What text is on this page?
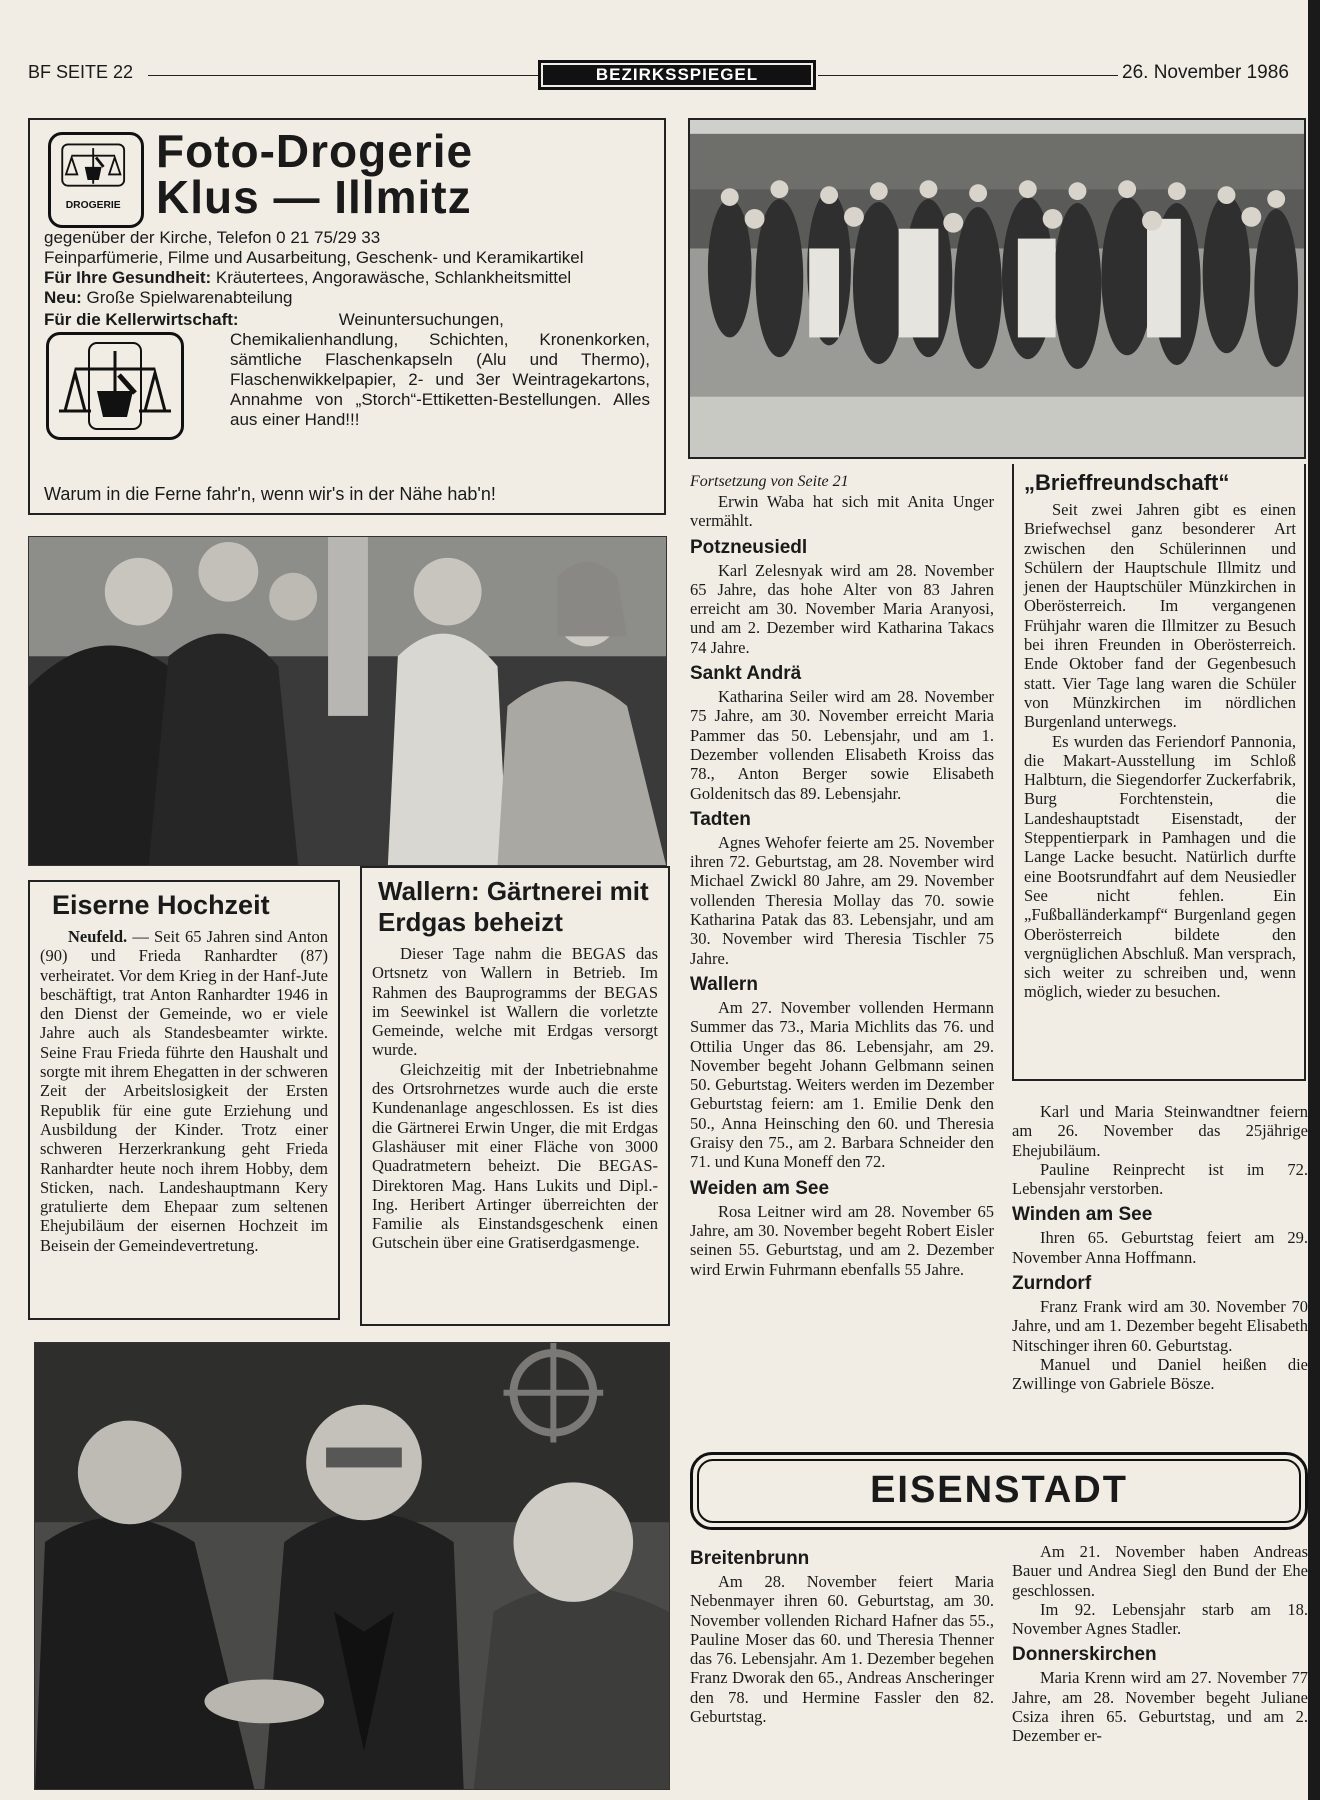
BF SEITE 22	BEZIRKSSPIEGEL	26. November 1986
DROGERIE
Foto-Drogerie
Klus — Illmitz

gegenüber der Kirche, Telefon 0 21 75/29 33

Feinparfümerie, Filme und Ausarbeitung, Geschenk- und Keramikartikel

Für Ihre Gesundheit: Kräutertees, Angorawäsche, Schlankheitsmittel

Neu: Große Spielwarenabteilung

Für die Kellerwirtschaft:	Weinuntersuchungen, Chemikalienhandlung, Schichten, Kronenkorken, sämtliche Flaschenkapseln (Alu und Thermo), Flaschenwikkelpapier, 2- und 3er Weintragekartons, Annahme von „Storch“-Ettiketten-Bestellungen. Alles aus einer Hand!!!
Warum in die Ferne fahr'n, wenn wir's in der Nähe hab'n!
Eiserne Hochzeit

Neufeld. — Seit 65 Jahren sind Anton (90) und Frieda Ranhardter (87) verheiratet. Vor dem Krieg in der Hanf-Jute beschäftigt, trat Anton Ranhardter 1946 in den Dienst der Gemeinde, wo er viele Jahre auch als Standesbeamter wirkte. Seine Frau Frieda führte den Haushalt und sorgte mit ihrem Ehegatten in der schweren Zeit der Arbeitslosigkeit der Ersten Republik für eine gute Erziehung und Ausbildung der Kinder. Trotz einer schweren Herzerkrankung geht Frieda Ranhardter heute noch ihrem Hobby, dem Sticken, nach. Landeshauptmann Kery gratulierte dem Ehepaar zum seltenen Ehejubiläum der eisernen Hochzeit im Beisein der Gemeindevertretung.

Wallern: Gärtnerei mit Erdgas beheizt

Dieser Tage nahm die BEGAS das Ortsnetz von Wallern in Betrieb. Im Rahmen des Bauprogramms der BEGAS im Seewinkel ist Wallern die vorletzte Gemeinde, welche mit Erdgas versorgt wurde.

Gleichzeitig mit der Inbetriebnahme des Ortsrohrnetzes wurde auch die erste Kundenanlage angeschlossen. Es ist dies die Gärtnerei Erwin Unger, die mit Erdgas Glashäuser mit einer Fläche von 3000 Quadratmetern beheizt. Die BEGAS-Direktoren Mag. Hans Lukits und Dipl.-Ing. Heribert Artinger überreichten der Familie als Einstandsgeschenk einen Gutschein über eine Gratiserdgasmenge.

Fortsetzung von Seite 21

Erwin Waba hat sich mit Anita Unger vermählt.

Potzneusiedl

Karl Zelesnyak wird am 28. November 65 Jahre, das hohe Alter von 83 Jahren erreicht am 30. November Maria Aranyosi, und am 2. Dezember wird Katharina Takacs 74 Jahre.

Sankt Andrä

Katharina Seiler wird am 28. November 75 Jahre, am 30. November erreicht Maria Pammer das 50. Lebensjahr, und am 1. Dezember vollenden Elisabeth Kroiss das 78., Anton Berger sowie Elisabeth Goldenitsch das 89. Lebensjahr.

Tadten

Agnes Wehofer feierte am 25. November ihren 72. Geburtstag, am 28. November wird Michael Zwickl 80 Jahre, am 29. November vollenden Theresia Mollay das 70. sowie Katharina Patak das 83. Lebensjahr, und am 30. November wird Theresia Tischler 75 Jahre.

Wallern

Am 27. November vollenden Hermann Summer das 73., Maria Michlits das 76. und Ottilia Unger das 86. Lebensjahr, am 29. November begeht Johann Gelbmann seinen 50. Geburtstag. Weiters werden im Dezember Geburtstag feiern: am 1. Emilie Denk den 50., Anna Heinsching den 60. und Theresia Graisy den 75., am 2. Barbara Schneider den 71. und Kuna Moneff den 72.

Weiden am See

Rosa Leitner wird am 28. November 65 Jahre, am 30. November begeht Robert Eisler seinen 55. Geburtstag, und am 2. Dezember wird Erwin Fuhrmann ebenfalls 55 Jahre.

„Brieffreundschaft“

Seit zwei Jahren gibt es einen Briefwechsel ganz besonderer Art zwischen den Schülerinnen und Schülern der Hauptschule Illmitz und jenen der Hauptschüler Münzkirchen in Oberösterreich. Im vergangenen Frühjahr waren die Illmitzer zu Besuch bei ihren Freunden in Oberösterreich. Ende Oktober fand der Gegenbesuch statt. Vier Tage lang waren die Schüler von Münzkirchen im nördlichen Burgenland unterwegs.

Es wurden das Feriendorf Pannonia, die Makart-Ausstellung im Schloß Halbturn, die Siegendorfer Zuckerfabrik, Burg Forchtenstein, die Landeshauptstadt Eisenstadt, der Steppentierpark in Pamhagen und die Lange Lacke besucht. Natürlich durfte eine Bootsrundfahrt auf dem Neusiedler See nicht fehlen. Ein „Fußballänderkampf“ Burgenland gegen Oberösterreich bildete den vergnüglichen Abschluß. Man versprach, sich weiter zu schreiben und, wenn möglich, wieder zu besuchen.

Karl und Maria Steinwandtner feiern am 26. November das 25jährige Ehejubiläum.

Pauline Reinprecht ist im 72. Lebensjahr verstorben.

Winden am See

Ihren 65. Geburtstag feiert am 29. November Anna Hoffmann.

Zurndorf

Franz Frank wird am 30. November 70 Jahre, und am 1. Dezember begeht Elisabeth Nitschinger ihren 60. Geburtstag.

Manuel und Daniel heißen die Zwillinge von Gabriele Bösze.

EISENSTADT
Breitenbrunn

Am 28. November feiert Maria Nebenmayer ihren 60. Geburtstag, am 30. November vollenden Richard Hafner das 55., Pauline Moser das 60. und Theresia Thenner das 76. Lebensjahr. Am 1. Dezember begehen Franz Dworak den 65., Andreas Anscheringer den 78. und Hermine Fassler den 82. Geburtstag.

Am 21. November haben Andreas Bauer und Andrea Siegl den Bund der Ehe geschlossen.

Im 92. Lebensjahr starb am 18. November Agnes Stadler.

Donnerskirchen

Maria Krenn wird am 27. November 77 Jahre, am 28. November begeht Juliane Csiza ihren 65. Geburtstag, und am 2. Dezember er-
